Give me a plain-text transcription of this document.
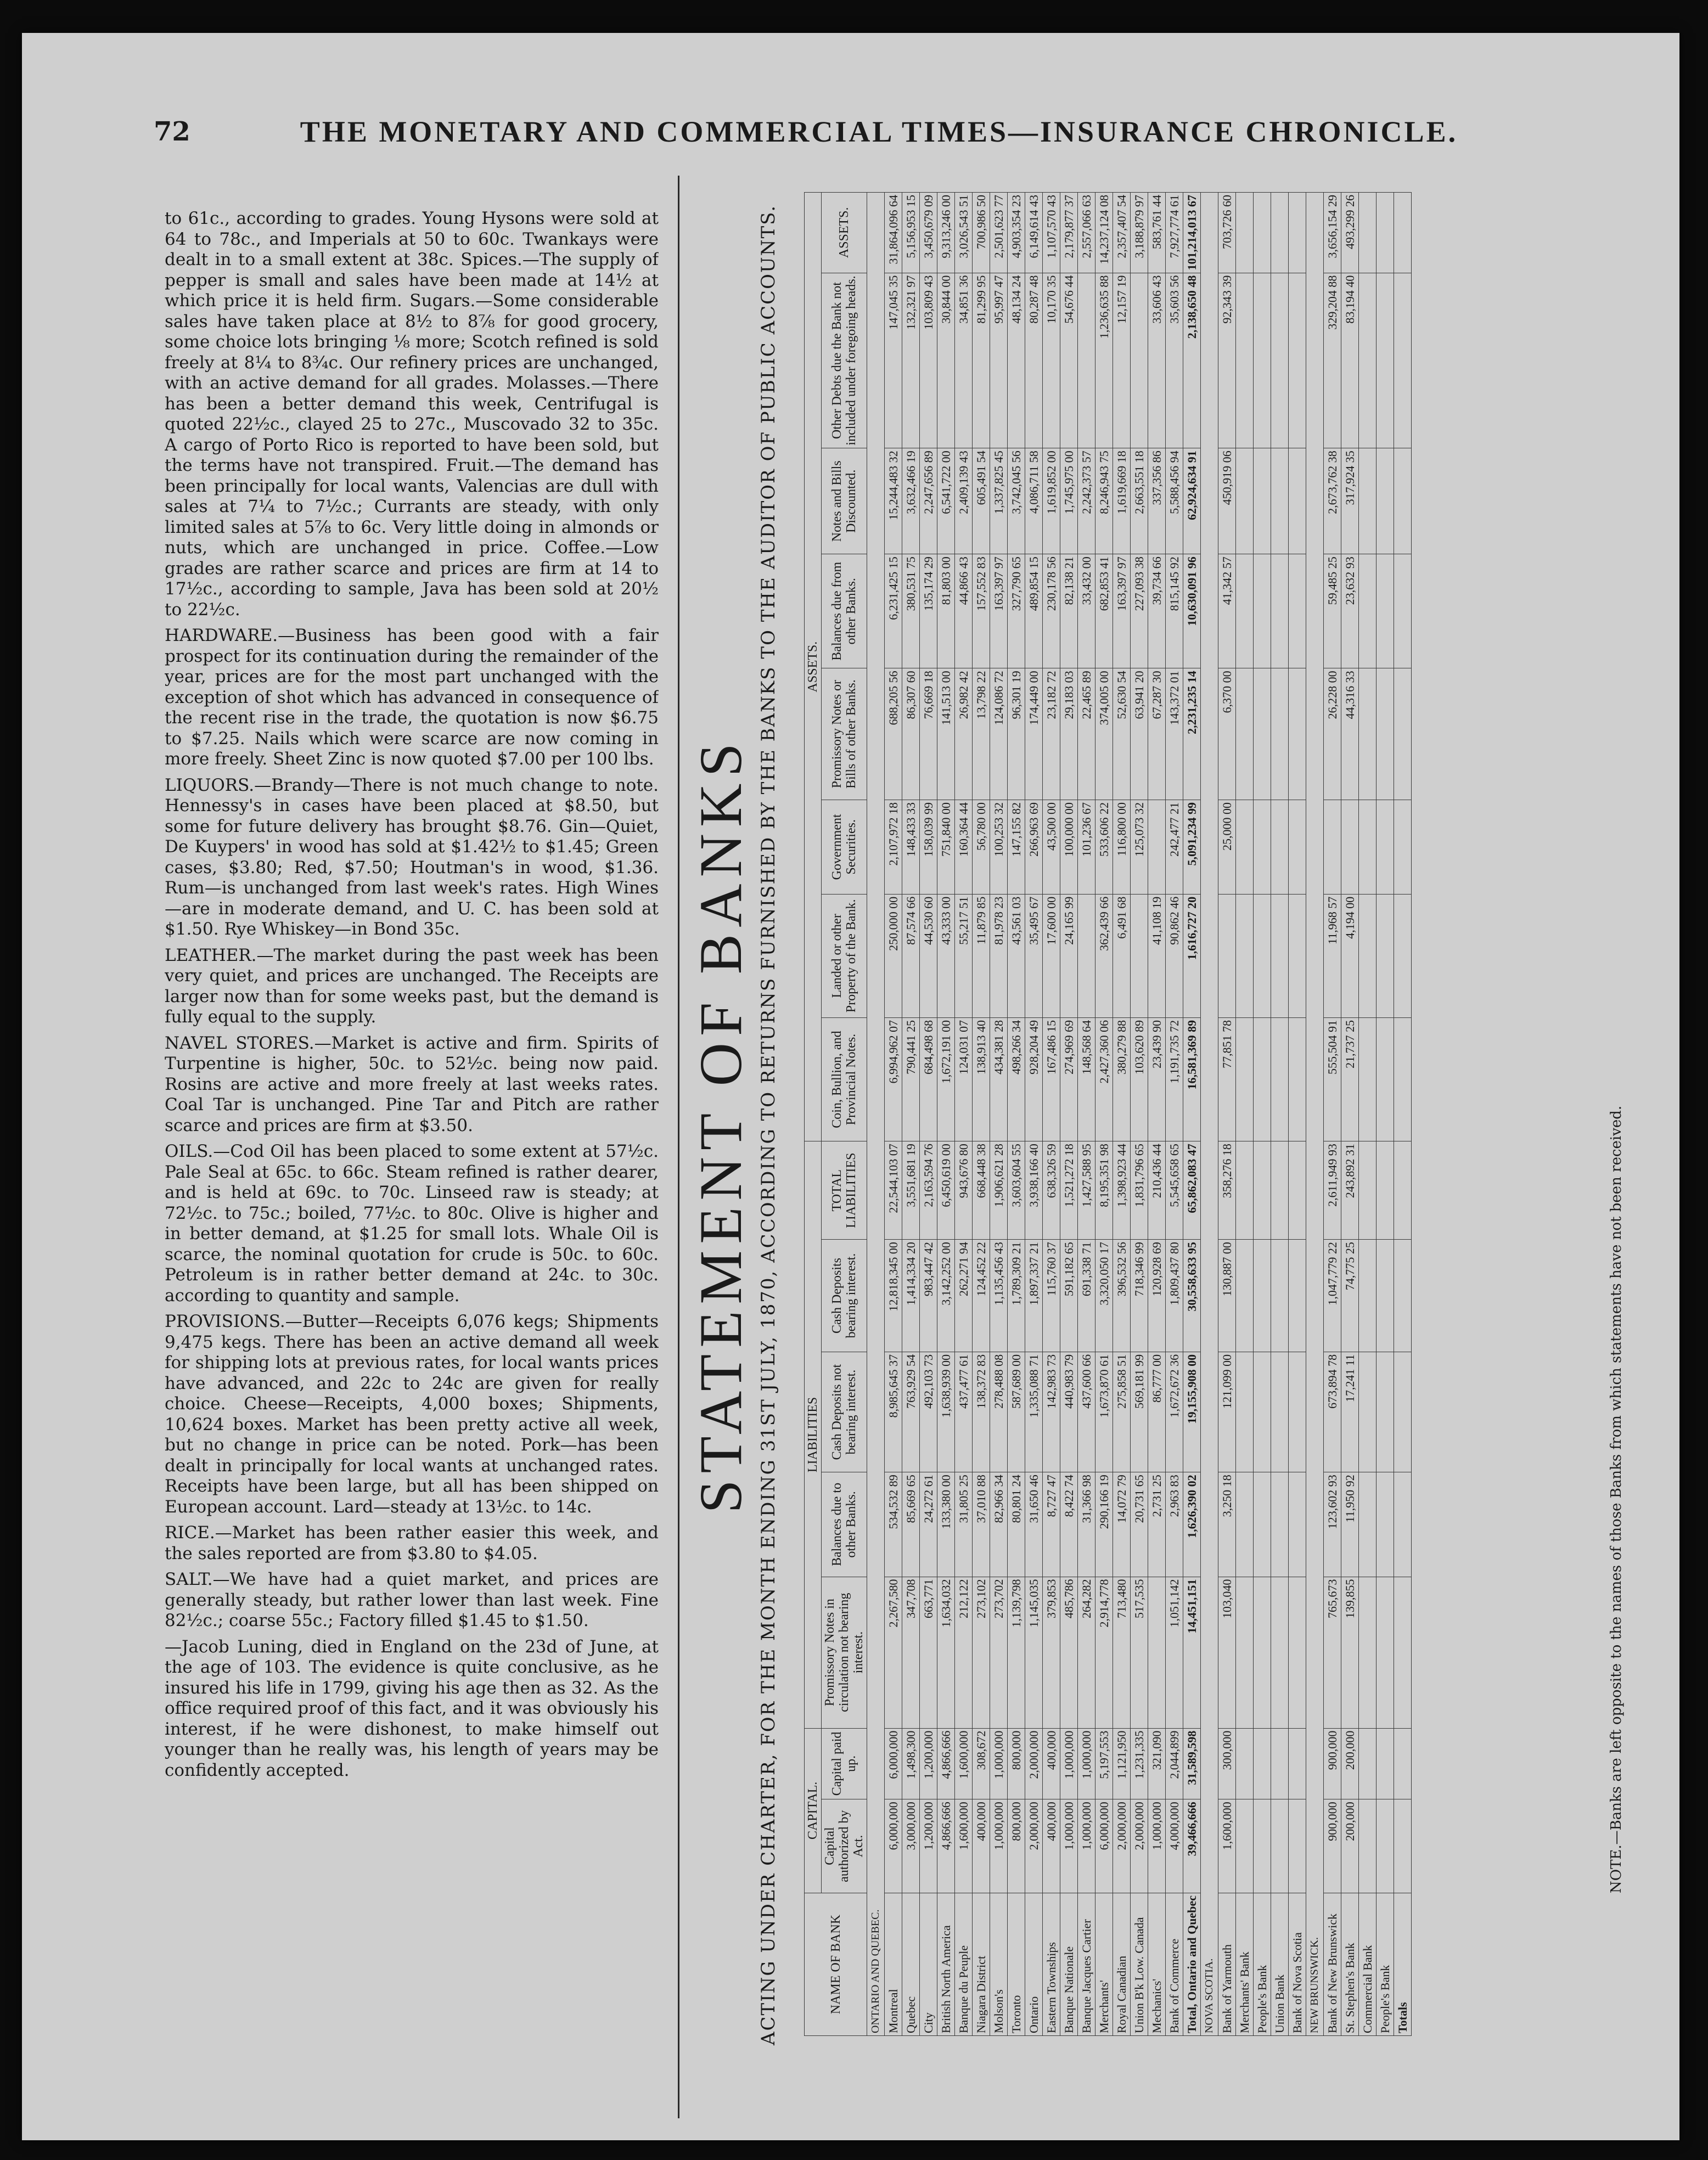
72	THE MONETARY AND COMMERCIAL TIMES—INSURANCE CHRONICLE.

to 61c., according to grades. Young Hysons were sold at 64 to 78c., and Imperials at 50 to 60c. Twankays were dealt in to a small extent at 38c. Spices.—The supply of pepper is small and sales have been made at 14½ at which price it is held firm. Sugars.—Some considerable sales have taken place at 8½ to 8⅞ for good grocery, some choice lots bringing ⅛ more; Scotch refined is sold freely at 8¼ to 8¾c. Our refinery prices are unchanged, with an active demand for all grades. Molasses.—There has been a better demand this week, Centrifugal is quoted 22½c., clayed 25 to 27c., Muscovado 32 to 35c. A cargo of Porto Rico is reported to have been sold, but the terms have not transpired. Fruit.—The demand has been principally for local wants, Valencias are dull with sales at 7¼ to 7½c.; Currants are steady, with only limited sales at 5⅞ to 6c. Very little doing in almonds or nuts, which are unchanged in price. Coffee.—Low grades are rather scarce and prices are firm at 14 to 17½c., according to sample, Java has been sold at 20½ to 22½c.

HARDWARE.—Business has been good with a fair prospect for its continuation during the remainder of the year, prices are for the most part unchanged with the exception of shot which has advanced in consequence of the recent rise in the trade, the quotation is now $6.75 to $7.25. Nails which were scarce are now coming in more freely. Sheet Zinc is now quoted $7.00 per 100 lbs.

LIQUORS.—Brandy—There is not much change to note. Hennessy's in cases have been placed at $8.50, but some for future delivery has brought $8.76. Gin—Quiet, De Kuypers' in wood has sold at $1.42½ to $1.45; Green cases, $3.80; Red, $7.50; Houtman's in wood, $1.36. Rum—is unchanged from last week's rates. High Wines—are in moderate demand, and U. C. has been sold at $1.50. Rye Whiskey—in Bond 35c.

LEATHER.—The market during the past week has been very quiet, and prices are unchanged. The Receipts are larger now than for some weeks past, but the demand is fully equal to the supply.

NAVEL STORES.—Market is active and firm. Spirits of Turpentine is higher, 50c. to 52½c. being now paid. Rosins are active and more freely at last weeks rates. Coal Tar is unchanged. Pine Tar and Pitch are rather scarce and prices are firm at $3.50.

OILS.—Cod Oil has been placed to some extent at 57½c. Pale Seal at 65c. to 66c. Steam refined is rather dearer, and is held at 69c. to 70c. Linseed raw is steady; at 72½c. to 75c.; boiled, 77½c. to 80c. Olive is higher and in better demand, at $1.25 for small lots. Whale Oil is scarce, the nominal quotation for crude is 50c. to 60c. Petroleum is in rather better demand at 24c. to 30c. according to quantity and sample.

PROVISIONS.—Butter—Receipts 6,076 kegs; Shipments 9,475 kegs. There has been an active demand all week for shipping lots at previous rates, for local wants prices have advanced, and 22c to 24c are given for really choice. Cheese—Receipts, 4,000 boxes; Shipments, 10,624 boxes. Market has been pretty active all week, but no change in price can be noted. Pork—has been dealt in principally for local wants at unchanged rates. Receipts have been large, but all has been shipped on European account. Lard—steady at 13½c. to 14c.

RICE.—Market has been rather easier this week, and the sales reported are from $3.80 to $4.05.

SALT.—We have had a quiet market, and prices are generally steady, but rather lower than last week. Fine 82½c.; coarse 55c.; Factory filled $1.45 to $1.50.

—Jacob Luning, died in England on the 23d of June, at the age of 103. The evidence is quite conclusive, as he insured his life in 1799, giving his age then as 32. As the office required proof of this fact, and it was obviously his interest, if he were dishonest, to make himself out younger than he really was, his length of years may be confidently accepted.

STATEMENT OF BANKS ACTING UNDER CHARTER, FOR THE MONTH ENDING 31ST JULY, 1870, ACCORDING TO RETURNS FURNISHED BY THE BANKS TO THE AUDITOR OF PUBLIC ACCOUNTS.	NAME OF BANK	CAPITAL.		LIABILITIES					ASSETS.							
	Capital authorized by Act.	Capital paid up.	Promissory Notes in circulation not bearing interest.	Balances due to other Banks.	Cash Deposits not bearing interest.	Cash Deposits bearing interest.	TOTAL LIABILITIES	Coin, Bullion, and Provincial Notes.	Landed or other Property of the Bank.	Government Securities.	Promissory Notes or Bills of other Banks.	Balances due from other Banks.	Notes and Bills Discounted.	Other Debts due the Bank not included under foregoing heads.	ASSETS.
ONTARIO AND QUEBEC.															
Montreal	6,000,000	6,000,000	2,267,580	534,532 89	8,985,645 37	12,818,345 00	22,544,103 07	6,994,962 07	250,000 00	2,107,972 18	688,205 56	6,231,425 15	15,244,483 32	147,045 35	31,864,096 64
Quebec	3,000,000	1,498,300	347,708	85,669 65	763,929 54	1,414,334 20	3,551,681 19	790,441 25	87,574 66	148,433 33	86,307 60	380,531 75	3,632,466 19	132,321 97	5,156,953 15
City	1,200,000	1,200,000	663,771	24,272 61	492,103 73	983,447 42	2,163,594 76	684,498 68	44,530 60	158,039 99	76,669 18	135,174 29	2,247,656 89	103,809 43	3,450,679 09
British North America	4,866,666	4,866,666	1,634,032	133,380 00	1,638,939 00	3,142,252 00	6,450,619 00	1,672,191 00	43,333 00	751,840 00	141,513 00	81,803 00	6,541,722 00	30,844 00	9,313,246 00
Banque du Peuple	1,600,000	1,600,000	212,122	31,805 25	437,477 61	262,271 94	943,676 80	124,031 07	55,217 51	160,364 44	26,982 42	44,866 43	2,409,139 43	34,851 36	3,026,543 51
Niagara District	400,000	308,672	273,102	37,010 88	138,372 83	124,452 22	668,448 38	138,913 40	11,879 85	56,780 00	13,798 22	157,552 83	605,491 54	81,299 95	700,986 50
Molson's	1,000,000	1,000,000	273,702	82,966 34	278,488 08	1,135,456 43	1,906,621 28	434,381 28	81,978 23	100,253 32	124,086 72	163,397 97	1,337,825 45	95,997 47	2,501,623 77
Toronto	800,000	800,000	1,139,798	80,801 24	587,689 00	1,789,309 21	3,603,604 55	498,266 34	43,561 03	147,155 82	96,301 19	327,790 65	3,742,045 56	48,134 24	4,903,354 23
Ontario	2,000,000	2,000,000	1,145,035	31,650 46	1,335,088 71	1,897,337 21	3,938,166 40	928,204 49	35,495 67	266,963 69	174,449 00	489,854 15	4,086,711 58	80,287 48	6,149,614 43
Eastern Townships	400,000	400,000	379,853	8,727 47	142,983 73	115,760 37	638,326 59	167,486 15	17,600 00	43,500 00	23,182 72	230,178 56	1,619,852 00	10,170 35	1,107,570 43
Banque Nationale	1,000,000	1,000,000	485,786	8,422 74	440,983 79	591,182 65	1,521,272 18	274,969 69	24,165 99	100,000 00	29,183 03	82,138 21	1,745,975 00	54,676 44	2,179,877 37
Banque Jacques Cartier	1,000,000	1,000,000	264,282	31,366 98	437,600 66	691,338 71	1,427,588 95	148,568 64		101,236 67	22,465 89	33,432 00	2,242,373 57		2,557,066 63
Merchants'	6,000,000	5,197,553	2,914,778	290,166 19	1,673,870 61	3,320,050 17	8,195,351 98	2,427,360 06	362,439 66	533,606 22	374,005 00	682,853 41	8,246,943 75	1,236,635 88	14,237,124 08
Royal Canadian	2,000,000	1,121,950	713,480	14,072 79	275,858 51	396,532 56	1,398,923 44	380,279 88	6,491 68	116,800 00	52,630 54	163,397 97	1,619,669 18	12,157 19	2,357,407 54
Union B'k Low. Canada	2,000,000	1,231,335	517,535	20,731 65	569,181 99	718,346 99	1,831,796 65	103,620 89		125,073 32	63,941 20	227,093 38	2,663,551 18		3,188,879 97
Mechanics'	1,000,000	321,090		2,731 25	86,777 00	120,928 69	210,436 44	23,439 90	41,108 19		67,287 30	39,734 66	337,356 86	33,606 43	583,761 44
Bank of Commerce	4,000,000	2,044,899	1,051,142	2,963 83	1,672,672 36	1,809,437 80	5,545,658 65	1,191,735 72	90,862 46	242,477 21	143,372 01	815,145 92	5,588,456 94	35,603 56	7,927,774 61
Total, Ontario and Quebec	39,466,666	31,589,598	14,451,151	1,626,390 02	19,155,908 00	30,558,633 95	65,862,083 47	16,581,369 89	1,616,727 20	5,091,234 99	2,231,235 14	10,630,091 96	62,924,634 91	2,138,650 48	101,214,013 67
NOVA SCOTIA.															
Bank of Yarmouth	1,600,000	300,000	103,040	3,250 18	121,099 00	130,887 00	358,276 18	77,851 78		25,000 00	6,370 00	41,342 57	450,919 06	92,343 39	703,726 60
Merchants' Bank															
People's Bank															
Union Bank															
Bank of Nova Scotia															
NEW BRUNSWICK.															
Bank of New Brunswick	900,000	900,000	765,673	123,602 93	673,894 78	1,047,779 22	2,611,949 93	555,504 91	11,968 57		26,228 00	59,485 25	2,673,762 38	329,204 88	3,656,154 29
St. Stephen's Bank	200,000	200,000	139,855	11,950 92	17,241 11	74,775 25	243,892 31	21,737 25	4,194 00		44,316 33	23,632 93	317,924 35	83,194 40	493,299 26
Commercial Bank															
People's Bank															
Totals															
NOTE.—Banks are left opposite to the names of those Banks from which statements have not been received.
